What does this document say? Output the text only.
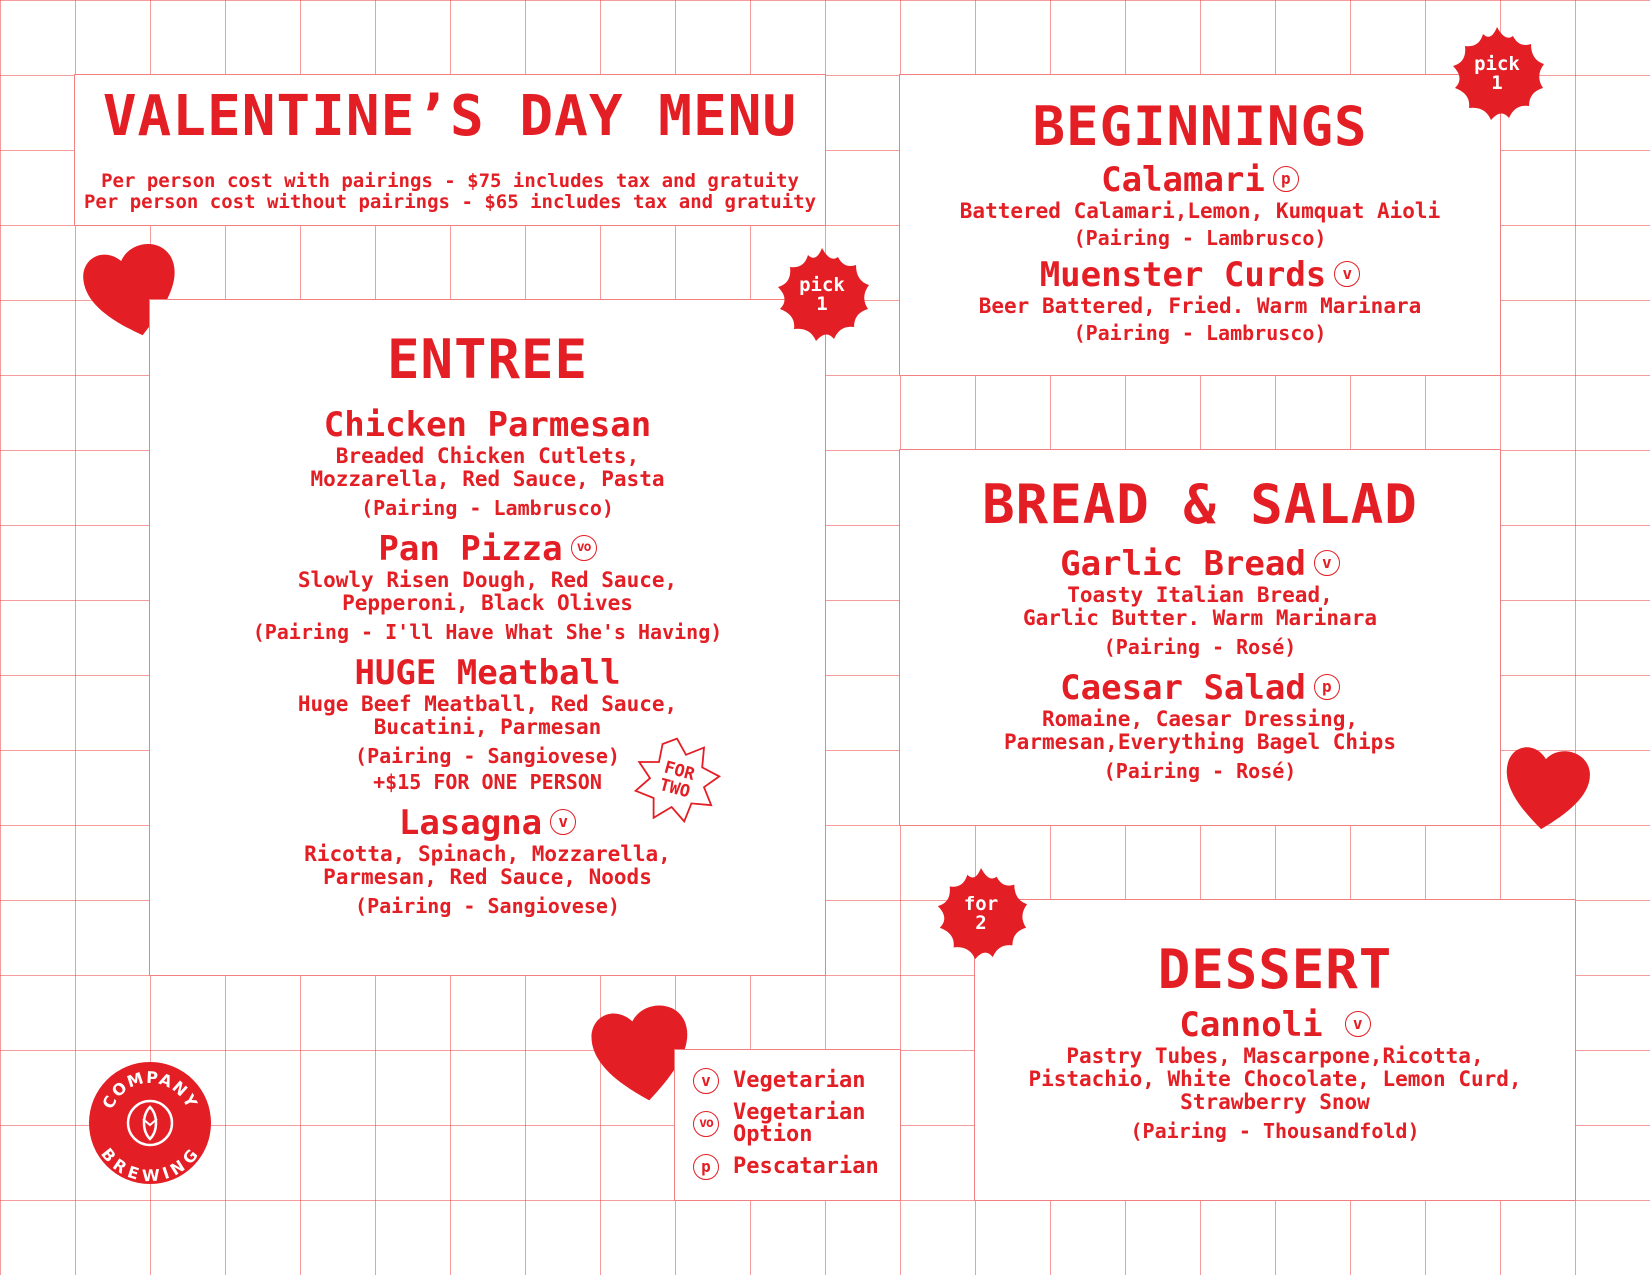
VALENTINE’S DAY MENU
Per person cost with pairings - $75 includes tax and gratuity
Per person cost without pairings - $65 includes tax and gratuity
ENTREE
Chicken Parmesan
Breaded Chicken Cutlets,
Mozzarella, Red Sauce, Pasta
(Pairing - Lambrusco)
Pan Pizza vo
Slowly Risen Dough, Red Sauce,
Pepperoni, Black Olives
(Pairing - I'll Have What She's Having)
HUGE Meatball
Huge Beef Meatball, Red Sauce,
Bucatini, Parmesan
(Pairing - Sangiovese)
+$15 FOR ONE PERSON
Lasagna v
Ricotta, Spinach, Mozzarella,
Parmesan, Red Sauce, Noods
(Pairing - Sangiovese)
FOR
TWO
pick
1
BEGINNINGS
Calamari p
Battered Calamari,Lemon, Kumquat Aioli
(Pairing - Lambrusco)
Muenster Curds v
Beer Battered, Fried. Warm Marinara
(Pairing - Lambrusco)
pick
1
BREAD & SALAD
Garlic Bread v
Toasty Italian Bread,
Garlic Butter. Warm Marinara
(Pairing - Rosé)
Caesar Salad p
Romaine, Caesar Dressing,
Parmesan,Everything Bagel Chips
(Pairing - Rosé)
DESSERT
Cannoli v
Pastry Tubes, Mascarpone,Ricotta,
Pistachio, White Chocolate, Lemon Curd,
Strawberry Snow
(Pairing - Thousandfold)
for
2
v	Vegetarian
vo Vegetarian
Option
p	Pescatarian
COMPANY
BREWING
